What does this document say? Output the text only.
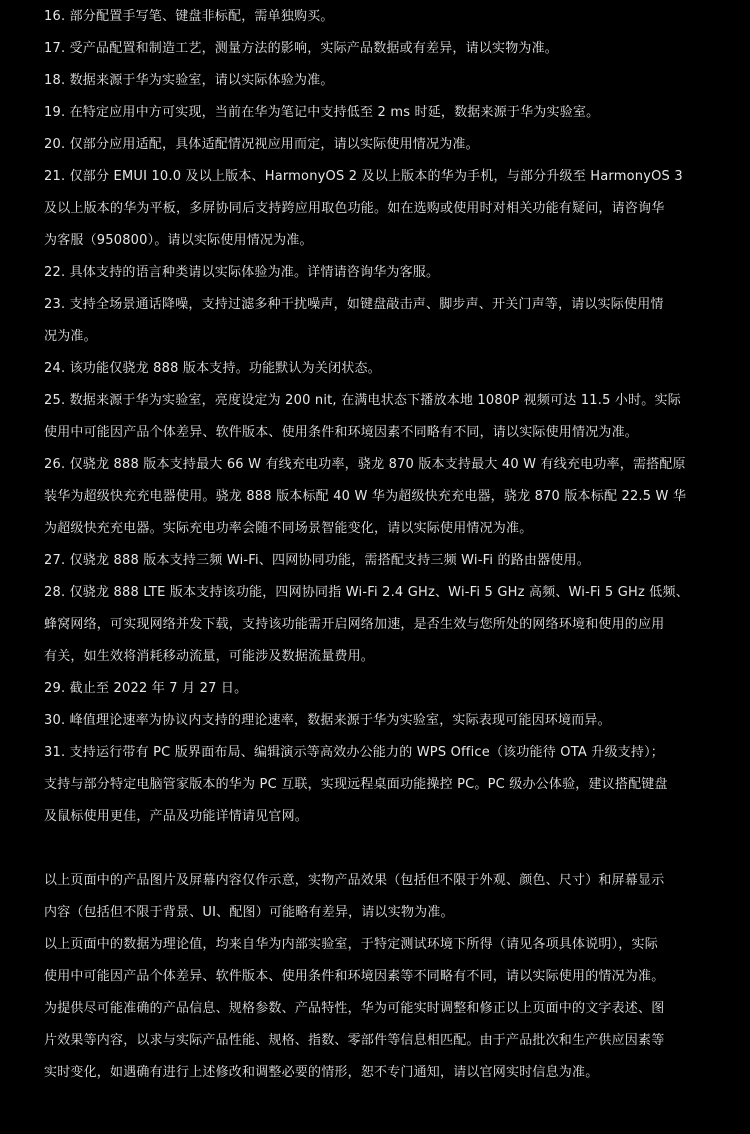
16. 部分配置手写笔、键盘非标配，需单独购买。
17. 受产品配置和制造工艺，测量方法的影响，实际产品数据或有差异，请以实物为准。
18. 数据来源于华为实验室，请以实际体验为准。
19. 在特定应用中方可实现，当前在华为笔记中支持低至 2 ms 时延，数据来源于华为实验室。
20. 仅部分应用适配，具体适配情况视应用而定，请以实际使用情况为准。
21. 仅部分 EMUI 10.0 及以上版本、HarmonyOS 2 及以上版本的华为手机，与部分升级至 HarmonyOS 3
及以上版本的华为平板，多屏协同后支持跨应用取色功能。如在选购或使用时对相关功能有疑问，请咨询华
为客服（950800）。请以实际使用情况为准。
22. 具体支持的语言种类请以实际体验为准。详情请咨询华为客服。
23. 支持全场景通话降噪，支持过滤多种干扰噪声，如键盘敲击声、脚步声、开关门声等，请以实际使用情
况为准。
24. 该功能仅骁龙 888 版本支持。功能默认为关闭状态。
25. 数据来源于华为实验室，亮度设定为 200 nit, 在满电状态下播放本地 1080P 视频可达 11.5 小时。实际
使用中可能因产品个体差异、软件版本、使用条件和环境因素不同略有不同，请以实际使用情况为准。
26. 仅骁龙 888 版本支持最大 66 W 有线充电功率，骁龙 870 版本支持最大 40 W 有线充电功率，需搭配原
装华为超级快充充电器使用。骁龙 888 版本标配 40 W 华为超级快充充电器，骁龙 870 版本标配 22.5 W 华
为超级快充充电器。实际充电功率会随不同场景智能变化，请以实际使用情况为准。
27. 仅骁龙 888 版本支持三频 Wi-Fi、四网协同功能，需搭配支持三频 Wi-Fi 的路由器使用。
28. 仅骁龙 888 LTE 版本支持该功能，四网协同指 Wi-Fi 2.4 GHz、Wi-Fi 5 GHz 高频、Wi-Fi 5 GHz 低频、
蜂窝网络，可实现网络并发下载，支持该功能需开启网络加速，是否生效与您所处的网络环境和使用的应用
有关，如生效将消耗移动流量，可能涉及数据流量费用。
29. 截止至 2022 年 7 月 27 日。
30. 峰值理论速率为协议内支持的理论速率，数据来源于华为实验室，实际表现可能因环境而异。
31. 支持运行带有 PC 版界面布局、编辑演示等高效办公能力的 WPS Office（该功能待 OTA 升级支持）；
支持与部分特定电脑管家版本的华为 PC 互联，实现远程桌面功能操控 PC。PC 级办公体验，建议搭配键盘
及鼠标使用更佳，产品及功能详情请见官网。
以上页面中的产品图片及屏幕内容仅作示意，实物产品效果（包括但不限于外观、颜色、尺寸）和屏幕显示
内容（包括但不限于背景、UI、配图）可能略有差异，请以实物为准。
以上页面中的数据为理论值，均来自华为内部实验室，于特定测试环境下所得（请见各项具体说明），实际
使用中可能因产品个体差异、软件版本、使用条件和环境因素等不同略有不同，请以实际使用的情况为准。
为提供尽可能准确的产品信息、规格参数、产品特性，华为可能实时调整和修正以上页面中的文字表述、图
片效果等内容，以求与实际产品性能、规格、指数、零部件等信息相匹配。由于产品批次和生产供应因素等
实时变化，如遇确有进行上述修改和调整必要的情形，恕不专门通知，请以官网实时信息为准。
